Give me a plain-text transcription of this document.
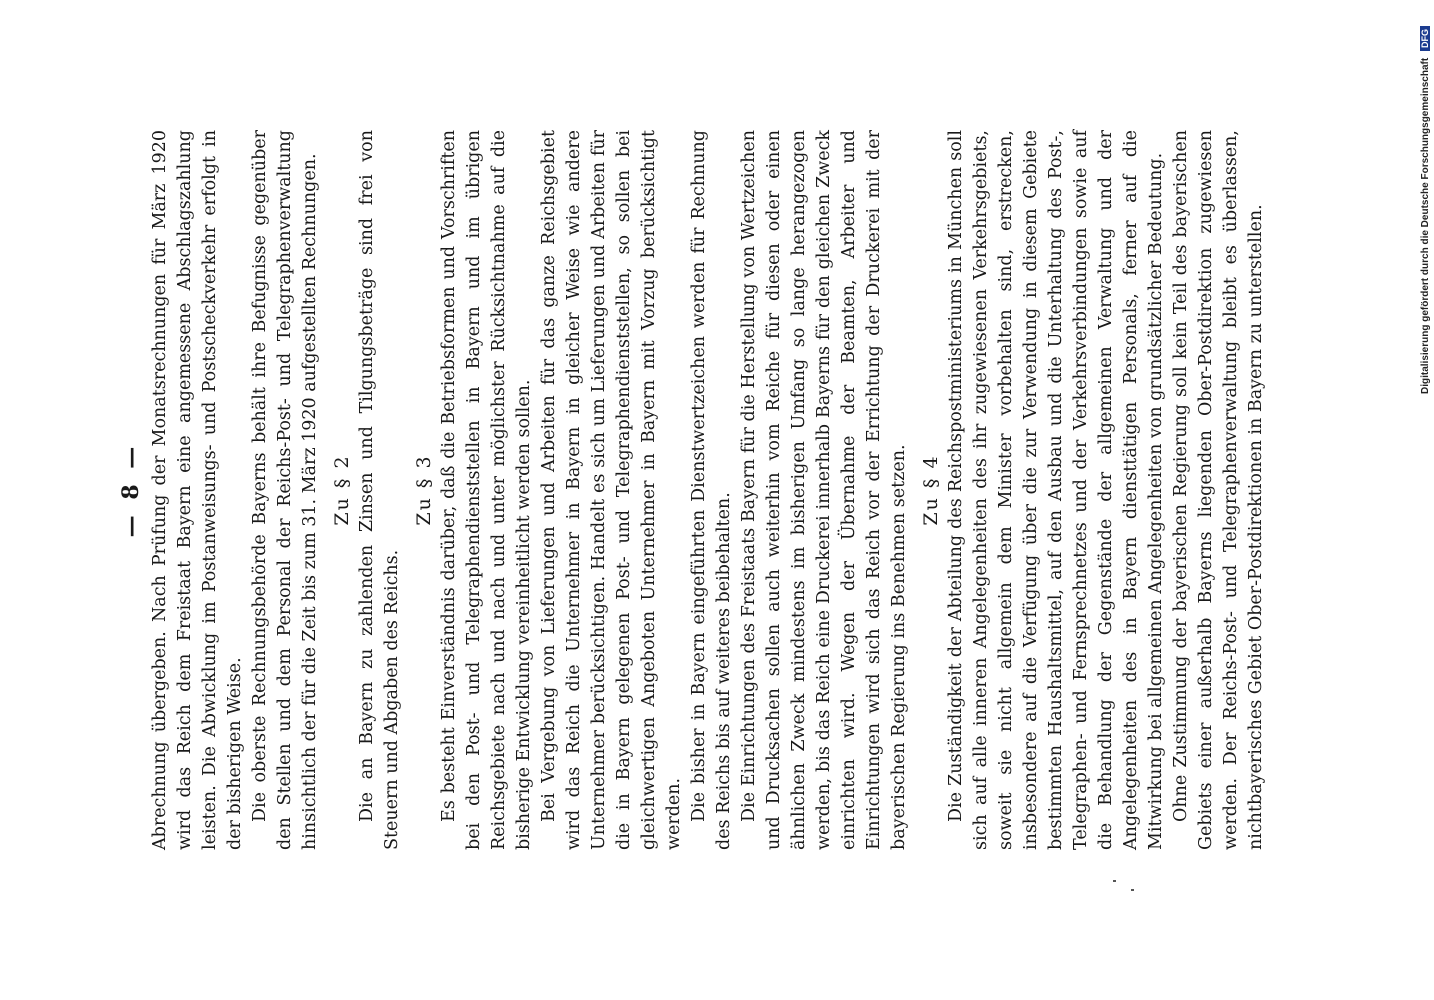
— 8 — Abrechnung übergeben. Nach Prüfung der Monatsrechnungen für März 1920 wird das Reich dem Freistaat Bayern eine angemessene Abschlagszahlung leisten. Die Abwicklung im Postanweisungs- und Postscheckverkehr erfolgt in der bisherigen Weise. Die oberste Rechnungsbehörde Bayerns behält ihre Befugnisse gegenüber den Stellen und dem Personal der Reichs-Post- und Telegraphenverwaltung hinsichtlich der für die Zeit bis zum 31. März 1920 aufgestellten Rechnungen. Zu § 2 Die an Bayern zu zahlenden Zinsen und Tilgungsbeträge sind frei von Steuern und Abgaben des Reichs.

Zu § 3 Es besteht Einverständnis darüber, daß die Betriebsformen und Vorschriften bei den Post- und Telegraphendienststellen in Bayern und im übrigen Reichsgebiete nach und nach und unter möglichster Rücksichtnahme auf die bisherige Entwicklung vereinheitlicht werden sollen. Bei Vergebung von Lieferungen und Arbeiten für das ganze Reichsgebiet wird das Reich die Unternehmer in Bayern in gleicher Weise wie andere Unternehmer berücksichtigen. Handelt es sich um Lieferungen und Arbeiten für die in Bayern gelegenen Post- und Telegraphendienststellen, so sollen bei gleichwertigen Angeboten Unternehmer in Bayern mit Vorzug berücksichtigt werden. Die bisher in Bayern eingeführten Dienstwertzeichen werden für Rechnung des Reichs bis auf weiteres beibehalten. Die Einrichtungen des Freistaats Bayern für die Herstellung von Wertzeichen und Drucksachen sollen auch weiterhin vom Reiche für diesen oder einen ähnlichen Zweck mindestens im bisherigen Umfang so lange herangezogen werden, bis das Reich eine Druckerei innerhalb Bayerns für den gleichen Zweck einrichten wird. Wegen der Übernahme der Beamten, Arbeiter und Einrichtungen wird sich das Reich vor der Errichtung der Druckerei mit der bayerischen Regierung ins Benehmen setzen. Zu § 4 Die Zuständigkeit der Abteilung des Reichspostministeriums in München soll sich auf alle inneren Angelegenheiten des ihr zugewiesenen Verkehrsgebiets, soweit sie nicht allgemein dem Minister vorbehalten sind, erstrecken, insbesondere auf die Verfügung über die zur Verwendung in diesem Gebiete bestimmten Haushaltsmittel, auf den Ausbau und die Unterhaltung des Post-, Telegraphen- und Fernsprechnetzes und der Verkehrsverbindungen sowie auf die Behandlung der Gegenstände der allgemeinen Verwaltung und der Angelegenheiten des in Bayern diensttätigen Personals, ferner auf die Mitwirkung bei allgemeinen Angelegenheiten von grundsätzlicher Bedeutung. Ohne Zustimmung der bayerischen Regierung soll kein Teil des bayerischen Gebiets einer außerhalb Bayerns liegenden Ober-Postdirektion zugewiesen werden. Der Reichs-Post- und Telegraphenverwaltung bleibt es überlassen, nichtbayerisches Gebiet Ober-Postdirektionen in Bayern zu unterstellen.	Digitalisierung gefördert durch die Deutsche Forschungsgemeinschaft DFG
